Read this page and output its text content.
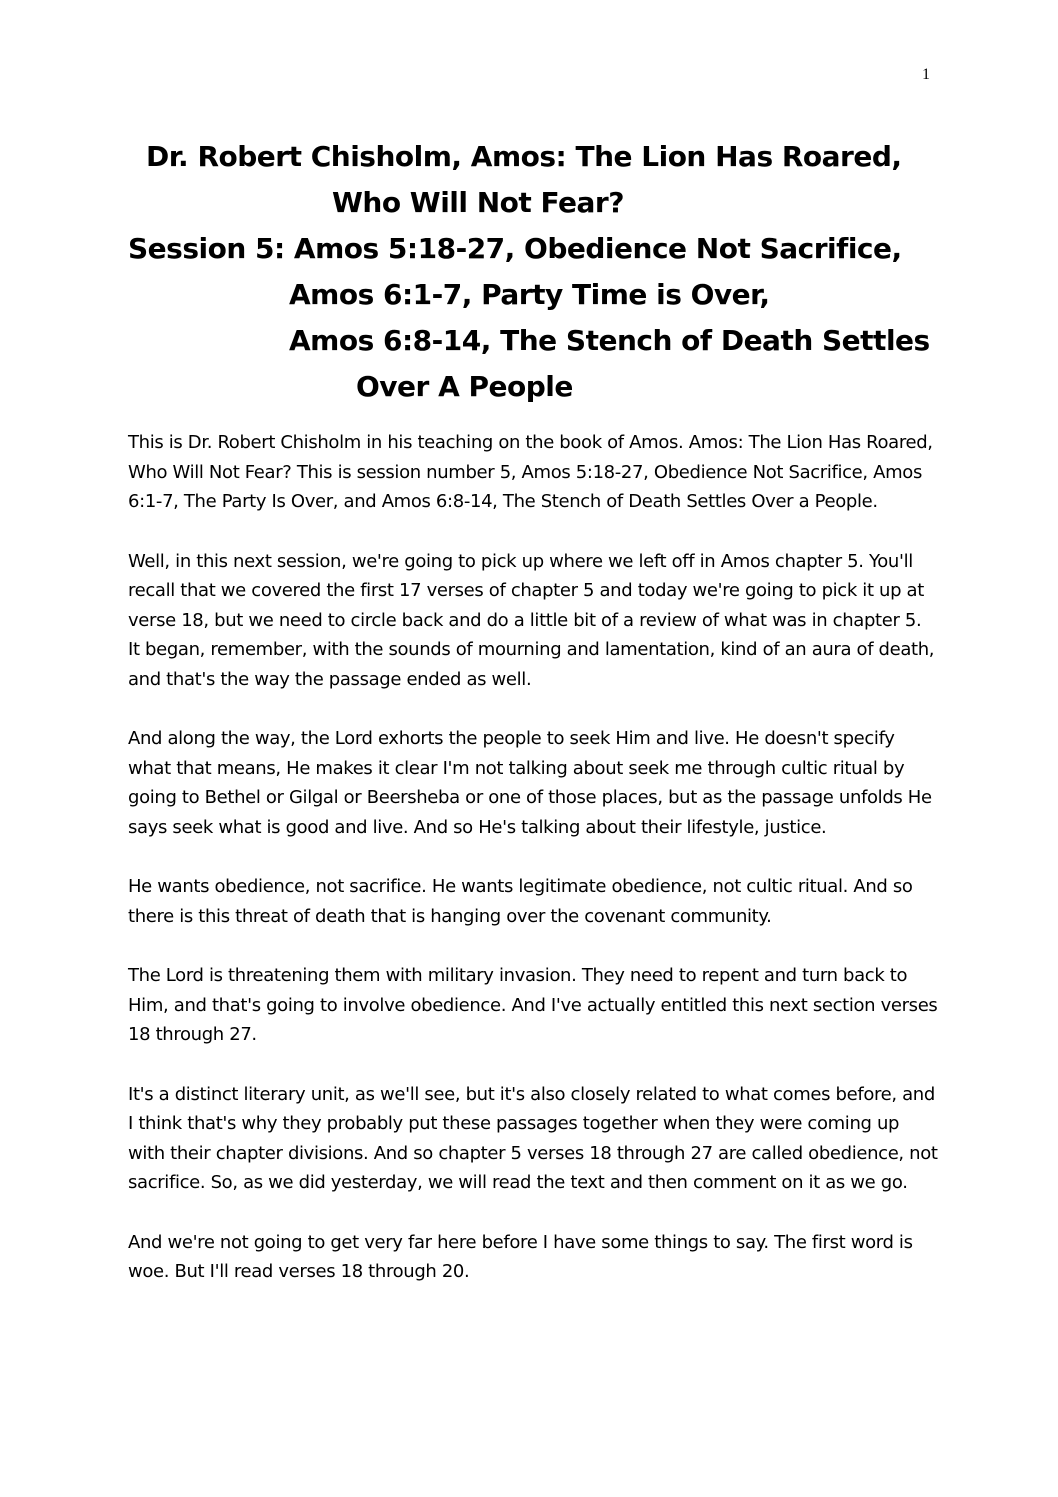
1
Dr. Robert Chisholm, Amos: The Lion Has Roared,
Who Will Not Fear?
Session 5: Amos 5:18-27, Obedience Not Sacrifice,
Amos 6:1-7, Party Time is Over,
Amos 6:8-14, The Stench of Death Settles
Over A People

This is Dr. Robert Chisholm in his teaching on the book of Amos. Amos: The Lion Has Roared, Who Will Not Fear? This is session number 5, Amos 5:18-27, Obedience Not Sacrifice, Amos 6:1-7, The Party Is Over, and Amos 6:8-14, The Stench of Death Settles Over a People.

Well, in this next session, we're going to pick up where we left off in Amos chapter 5. You'll recall that we covered the first 17 verses of chapter 5 and today we're going to pick it up at verse 18, but we need to circle back and do a little bit of a review of what was in chapter 5. It began, remember, with the sounds of mourning and lamentation, kind of an aura of death, and that's the way the passage ended as well.

And along the way, the Lord exhorts the people to seek Him and live. He doesn't specify what that means, He makes it clear I'm not talking about seek me through cultic ritual by going to Bethel or Gilgal or Beersheba or one of those places, but as the passage unfolds He says seek what is good and live. And so He's talking about their lifestyle, justice.

He wants obedience, not sacrifice. He wants legitimate obedience, not cultic ritual. And so there is this threat of death that is hanging over the covenant community.

The Lord is threatening them with military invasion. They need to repent and turn back to Him, and that's going to involve obedience. And I've actually entitled this next section verses 18 through 27.

It's a distinct literary unit, as we'll see, but it's also closely related to what comes before, and I think that's why they probably put these passages together when they were coming up with their chapter divisions. And so chapter 5 verses 18 through 27 are called obedience, not sacrifice. So, as we did yesterday, we will read the text and then comment on it as we go.

And we're not going to get very far here before I have some things to say. The first word is woe. But I'll read verses 18 through 20.
